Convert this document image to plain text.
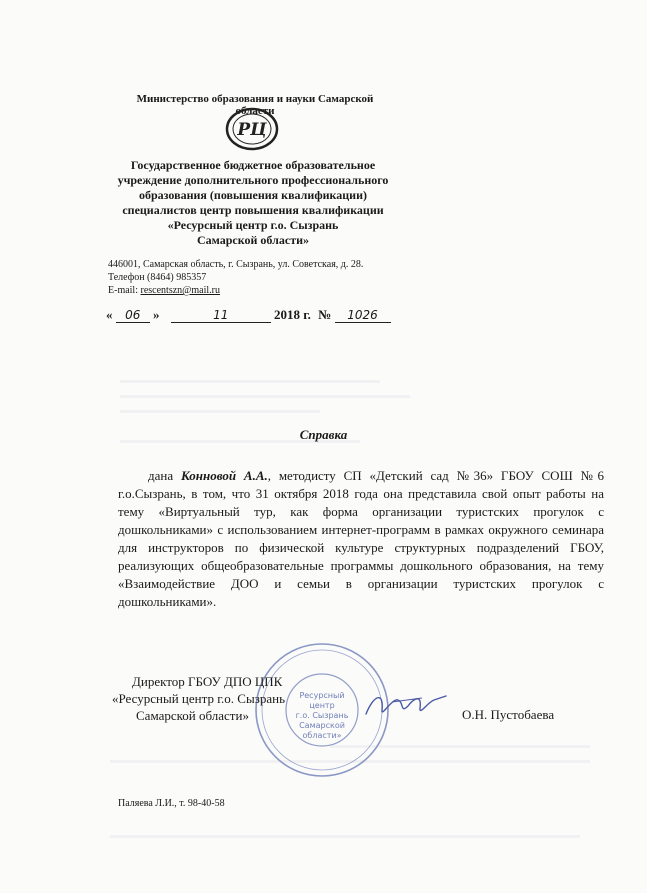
Министерство образования и науки Самарской области
РЦ
Государственное бюджетное образовательное
учреждение дополнительного профессионального
образования (повышения квалификации)
специалистов центр повышения квалификации
«Ресурсный центр г.о. Сызрань
Самарской области»
446001, Самарская область, г. Сызрань, ул. Советская, д. 28.
Телефон (8464) 985357
E-mail: rescentszn@mail.ru
« 06 »	11	2018 г. № 1026
Справка

дана Конновой А.А., методисту СП «Детский сад №36» ГБОУ СОШ №6 г.о.Сызрань, в том, что 31 октября 2018 года она представила свой опыт работы на тему «Виртуальный тур, как форма организации туристских прогулок с дошкольниками» с использованием интернет-программ в рамках окружного семинара для инструкторов по физической культуре структурных подразделений ГБОУ, реализующих общеобразовательные программы дошкольного образования, на тему «Взаимодействие ДОО и семьи в организации туристских прогулок с дошкольниками».

Ресурсный
центр
г.о. Сызрань
Самарской
области»
Директор ГБОУ ДПО ЦПК
«Ресурсный центр г.о. Сызрань
Самарской области»	О.Н. Пустобаева
Паляева Л.И., т. 98-40-58
